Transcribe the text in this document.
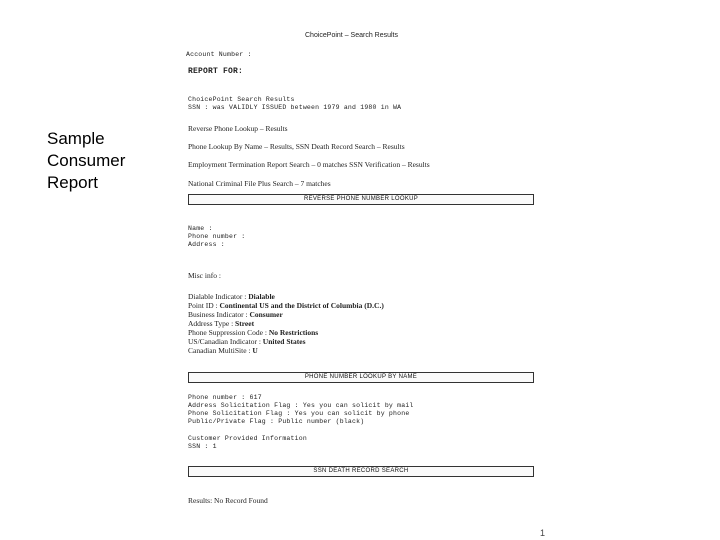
Sample
Consumer
Report
ChoicePoint – Search Results
Account Number :
REPORT FOR:
ChoicePoint Search Results
SSN : was VALIDLY ISSUED between 1979 and 1980 in WA
Reverse Phone Lookup – Results
Phone Lookup By Name – Results, SSN Death Record Search – Results
Employment Termination Report Search – 0 matches SSN Verification – Results
National Criminal File Plus Search – 7 matches
REVERSE PHONE NUMBER LOOKUP
Name :
Phone number :
Address :
Misc info :
Dialable Indicator : Dialable
Point ID : Continental US and the District of Columbia (D.C.)
Business Indicator : Consumer
Address Type : Street
Phone Suppression Code : No Restrictions
US/Canadian Indicator : United States
Canadian MultiSite : U
PHONE NUMBER LOOKUP BY NAME
Phone number : 617
Address Solicitation Flag : Yes you can solicit by mail
Phone Solicitation Flag : Yes you can solicit by phone
Public/Private Flag : Public number (black)
Customer Provided Information
SSN : 1
SSN DEATH RECORD SEARCH
Results: No Record Found
1
